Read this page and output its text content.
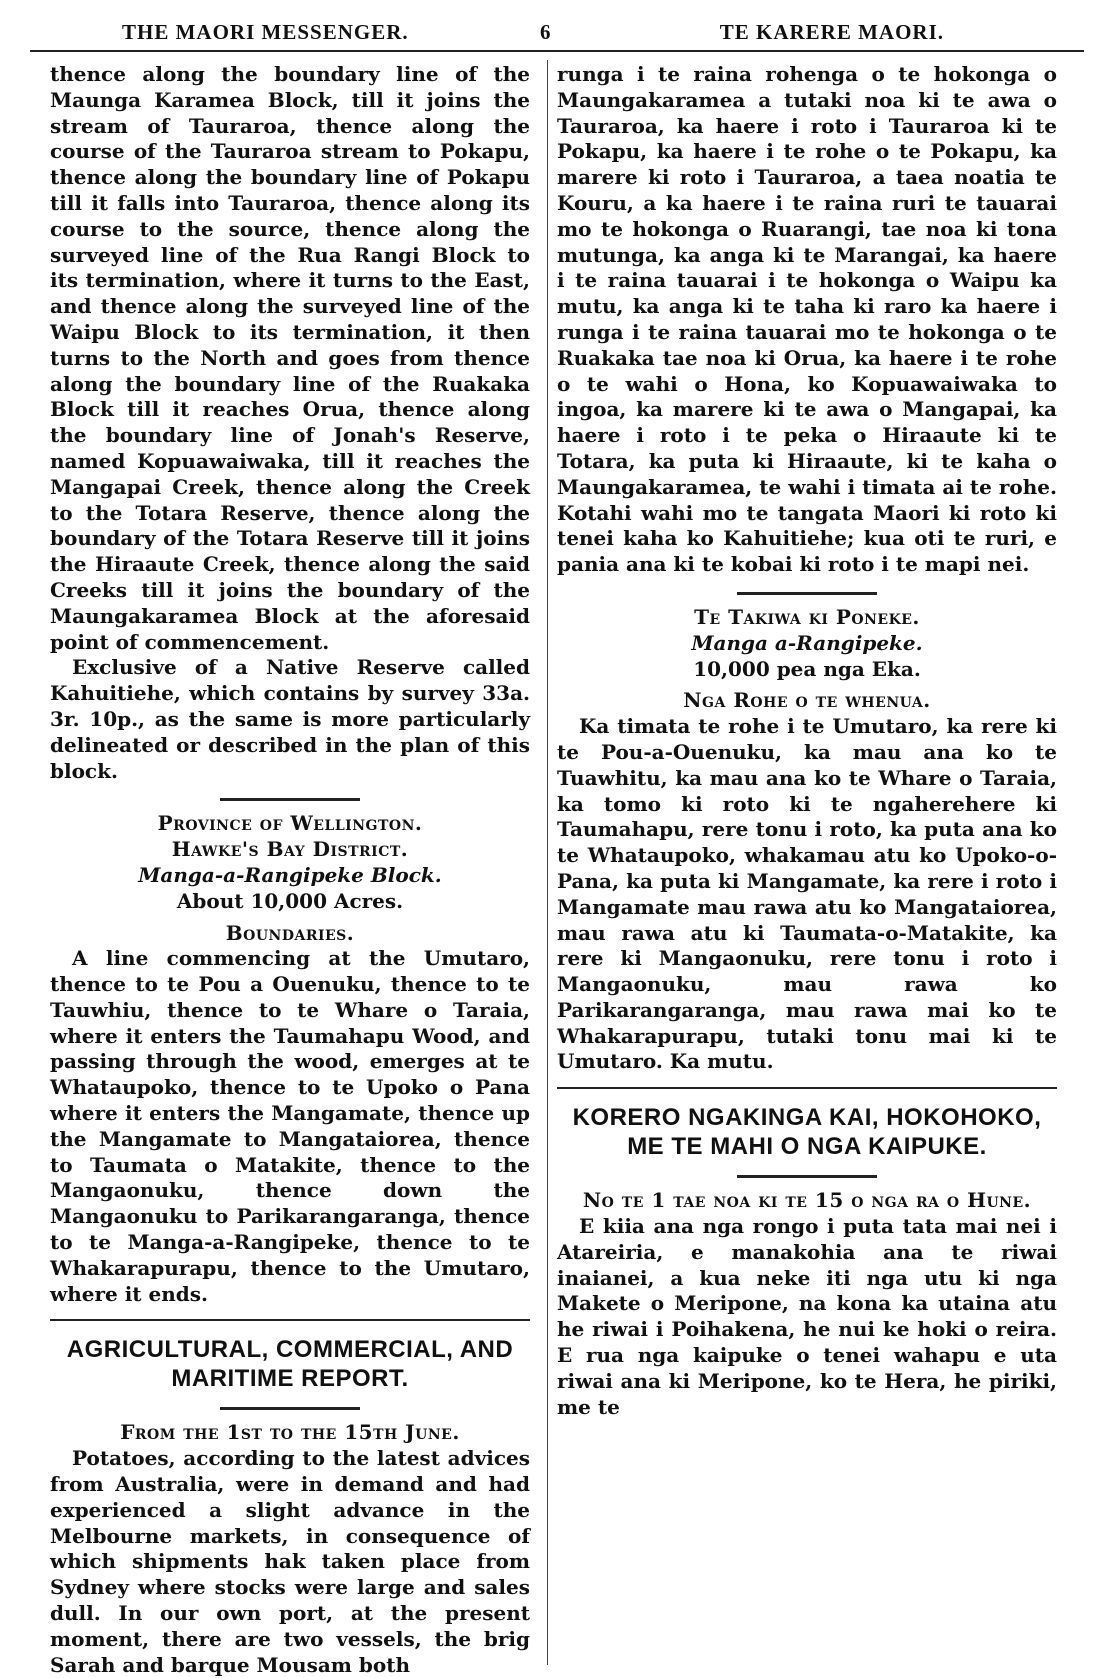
THE MAORI MESSENGER.	6	TE KARERE MAORI.

thence along the boundary line of the Maunga Karamea Block, till it joins the stream of Tauraroa, thence along the course of the Tauraroa stream to Pokapu, thence along the boundary line of Pokapu till it falls into Tauraroa, thence along its course to the source, thence along the surveyed line of the Rua Rangi Block to its termination, where it turns to the East, and thence along the surveyed line of the Waipu Block to its termination, it then turns to the North and goes from thence along the boundary line of the Ruakaka Block till it reaches Orua, thence along the boundary line of Jonah's Reserve, named Kopuawaiwaka, till it reaches the Mangapai Creek, thence along the Creek to the Totara Reserve, thence along the boundary of the Totara Reserve till it joins the Hiraaute Creek, thence along the said Creeks till it joins the boundary of the Maungakaramea Block at the aforesaid point of commencement.

Exclusive of a Native Reserve called Kahuitiehe, which contains by survey 33a. 3r. 10p., as the same is more particularly delineated or described in the plan of this block.

Province of Wellington.

Hawke's Bay District.

Manga-a-Rangipeke Block.

About 10,000 Acres.

Boundaries.

A line commencing at the Umutaro, thence to te Pou a Ouenuku, thence to te Tauwhiu, thence to te Whare o Taraia, where it enters the Taumahapu Wood, and passing through the wood, emerges at te Whataupoko, thence to te Upoko o Pana where it enters the Mangamate, thence up the Mangamate to Mangataiorea, thence to Taumata o Matakite, thence to the Mangaonuku, thence down the Mangaonuku to Parikarangaranga, thence to te Manga-a-Rangipeke, thence to te Whakarapurapu, thence to the Umutaro, where it ends.

AGRICULTURAL, COMMERCIAL, AND MARITIME REPORT.

From the 1st to the 15th June.

Potatoes, according to the latest advices from Australia, were in demand and had experienced a slight advance in the Melbourne markets, in consequence of which shipments hak taken place from Sydney where stocks were large and sales dull. In our own port, at the present moment, there are two vessels, the brig Sarah and barque Mousam both

runga i te raina rohenga o te hokonga o Maungakaramea a tutaki noa ki te awa o Tauraroa, ka haere i roto i Tauraroa ki te Pokapu, ka haere i te rohe o te Pokapu, ka marere ki roto i Tauraroa, a taea noatia te Kouru, a ka haere i te raina ruri te tauarai mo te hokonga o Ruarangi, tae noa ki tona mutunga, ka anga ki te Marangai, ka haere i te raina tauarai i te hokonga o Waipu ka mutu, ka anga ki te taha ki raro ka haere i runga i te raina tauarai mo te hokonga o te Ruakaka tae noa ki Orua, ka haere i te rohe o te wahi o Hona, ko Kopuawaiwaka to ingoa, ka marere ki te awa o Mangapai, ka haere i roto i te peka o Hiraaute ki te Totara, ka puta ki Hiraaute, ki te kaha o Maungakaramea, te wahi i timata ai te rohe. Kotahi wahi mo te tangata Maori ki roto ki tenei kaha ko Kahuitiehe; kua oti te ruri, e pania ana ki te kobai ki roto i te mapi nei.

Te Takiwa ki Poneke.

Manga a-Rangipeke.

10,000 pea nga Eka.

Nga Rohe o te whenua.

Ka timata te rohe i te Umutaro, ka rere ki te Pou-a-Ouenuku, ka mau ana ko te Tuawhitu, ka mau ana ko te Whare o Taraia, ka tomo ki roto ki te ngaherehere ki Taumahapu, rere tonu i roto, ka puta ana ko te Whataupoko, whakamau atu ko Upoko-o-Pana, ka puta ki Mangamate, ka rere i roto i Mangamate mau rawa atu ko Mangataiorea, mau rawa atu ki Taumata-o-Matakite, ka rere ki Mangaonuku, rere tonu i roto i Mangaonuku, mau rawa ko Parikarangaranga, mau rawa mai ko te Whakarapurapu, tutaki tonu mai ki te Umutaro. Ka mutu.

KORERO NGAKINGA KAI, HOKOHOKO, ME TE MAHI O NGA KAIPUKE.

No te 1 tae noa ki te 15 o nga ra o Hune.

E kiia ana nga rongo i puta tata mai nei i Atareiria, e manakohia ana te riwai inaianei, a kua neke iti nga utu ki nga Makete o Meripone, na kona ka utaina atu he riwai i Poihakena, he nui ke hoki o reira. E rua nga kaipuke o tenei wahapu e uta riwai ana ki Meripone, ko te Hera, he piriki, me te
